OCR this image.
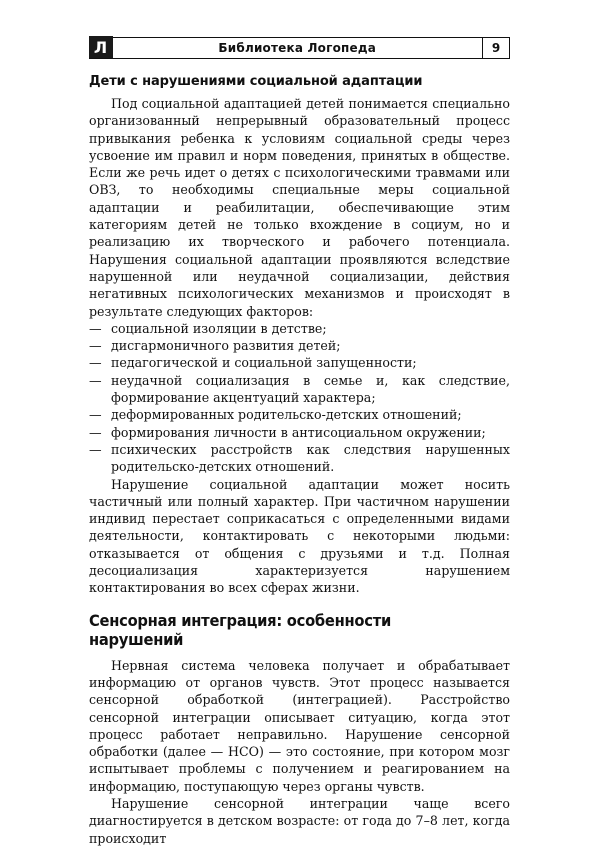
Л	Библиотека Логопеда	9
Дети с нарушениями социальной адаптации

Под социальной адаптацией детей понимается специально организованный непрерывный образовательный процесс привыкания ребенка к условиям социальной среды через усвоение им правил и норм поведения, принятых в обществе. Если же речь идет о детях с психологическими травмами или ОВЗ, то необходимы специальные меры социальной адаптации и реабилитации, обеспечивающие этим категориям детей не только вхождение в социум, но и реализацию их творческого и рабочего потенциала. Нарушения социальной адаптации проявляются вследствие нарушенной или неудачной социализации, действия негативных психологических механизмов и происходят в результате следующих факторов:

— социальной изоляции в детстве;
— дисгармоничного развития детей;
— педагогической и социальной запущенности;
— неудачной социализация в семье и, как следствие, формирование акцентуаций характера;
— деформированных родительско-детских отношений;
— формирования личности в антисоциальном окружении;
— психических расстройств как следствия нарушенных родительско-детских отношений.

Нарушение социальной адаптации может носить частичный или полный характер. При частичном нарушении индивид перестает соприкасаться с определенными видами деятельности, контактировать с некоторыми людьми: отказывается от общения с друзьями и т.д. Полная десоциализация характеризуется нарушением контактирования во всех сферах жизни.

Сенсорная интеграция: особенности нарушений

Нервная система человека получает и обрабатывает информацию от органов чувств. Этот процесс называется сенсорной обработкой (интеграцией). Расстройство сенсорной интеграции описывает ситуацию, когда этот процесс работает неправильно. Нарушение сенсорной обработки (далее — НСО) — это состояние, при котором мозг испытывает проблемы с получением и реагированием на информацию, поступающую через органы чувств.

Нарушение сенсорной интеграции чаще всего диагностируется в детском возрасте: от года до 7–8 лет, когда происходит
